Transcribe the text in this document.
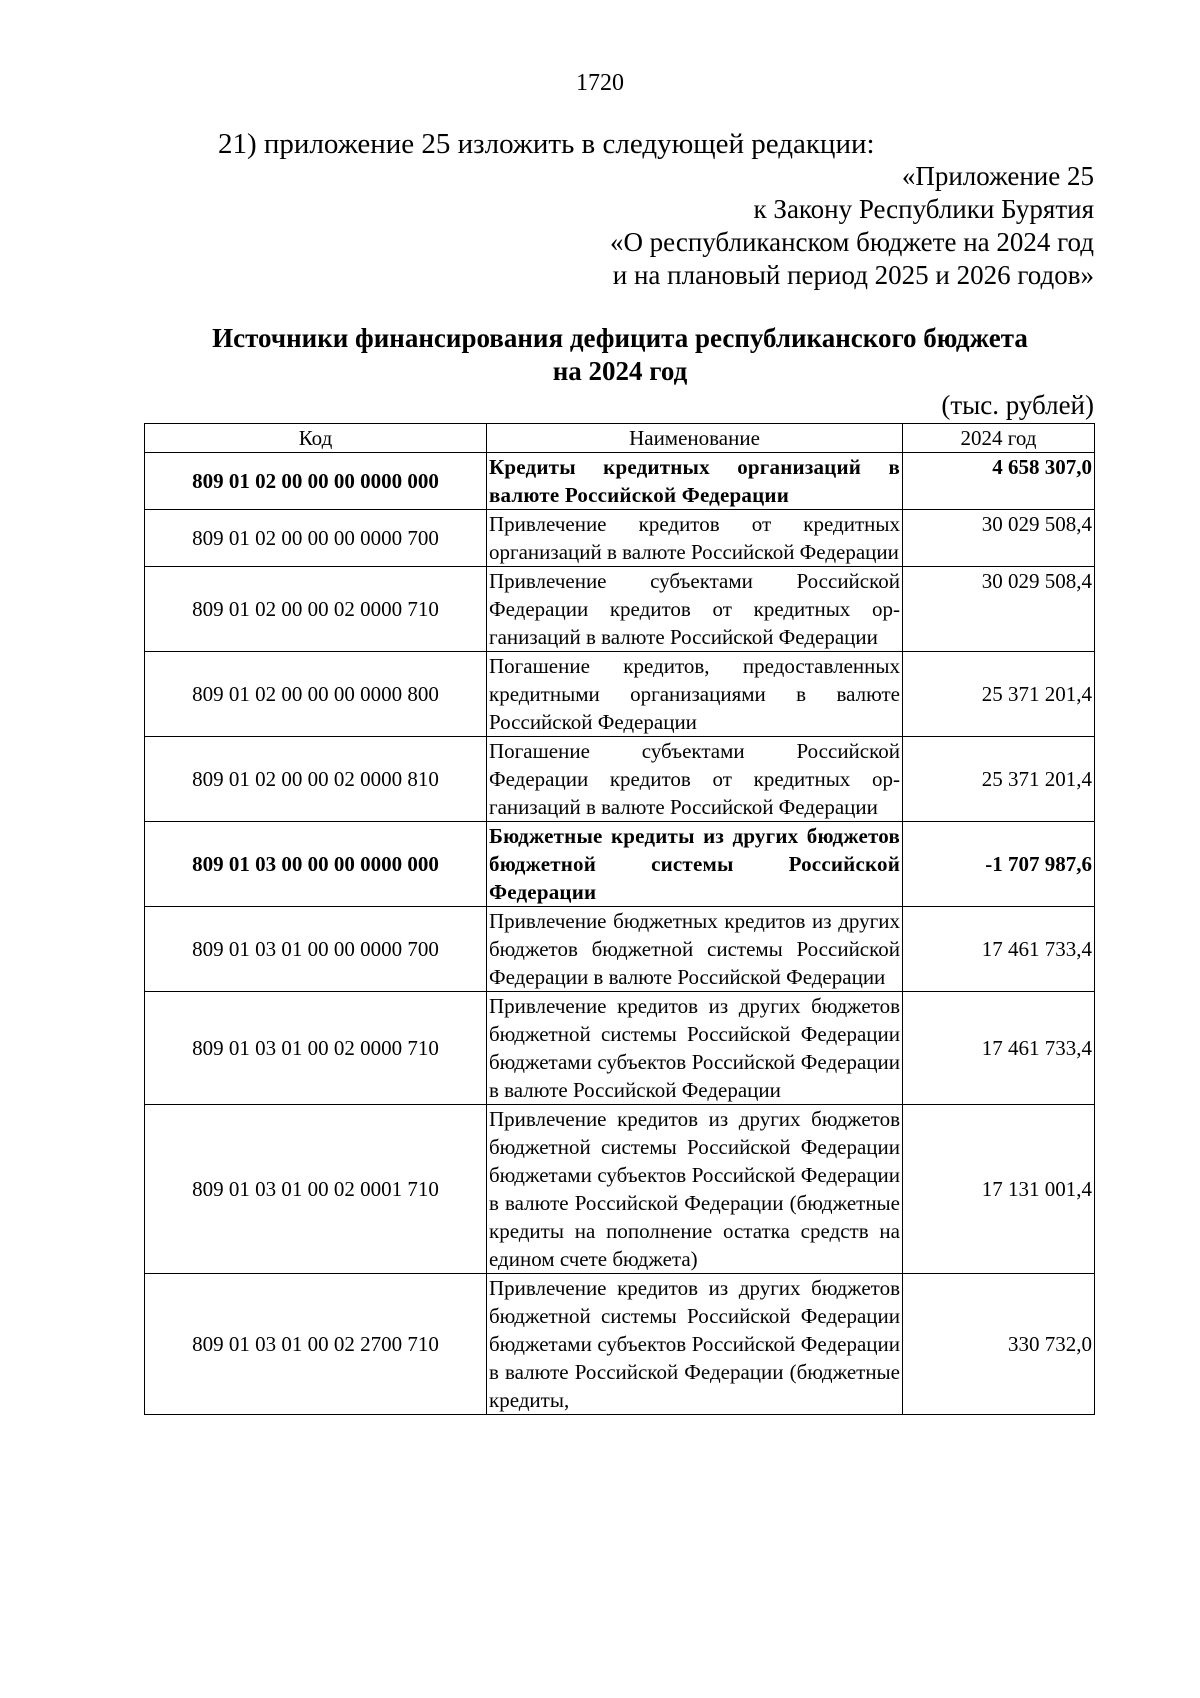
1720
21) приложение 25 изложить в следующей редакции:
«Приложение 25
к Закону Республики Бурятия
«О республиканском бюджете на 2024 год
и на плановый период 2025 и 2026 годов»
Источники финансирования дефицита республиканского бюджета
на 2024 год
(тыс. рублей)
Код	Наименование	2024 год
809 01 02 00 00 00 0000 000	Кредиты кредитных организаций в валюте Российской Федерации	4 658 307,0
809 01 02 00 00 00 0000 700	Привлечение кредитов от кредитных организаций в валюте Российской Федерации	30 029 508,4
809 01 02 00 00 02 0000 710	Привлечение субъектами Российской Федерации кредитов от кредитных организаций в валюте Российской Федерации	30 029 508,4
809 01 02 00 00 00 0000 800	Погашение кредитов, предоставленных кредитными организациями в валюте Российской Федерации	25 371 201,4
809 01 02 00 00 02 0000 810	Погашение субъектами Российской Федерации кредитов от кредитных организаций в валюте Российской Федерации	25 371 201,4
809 01 03 00 00 00 0000 000	Бюджетные кредиты из других бюджетов бюджетной системы Российской Федерации	-1 707 987,6
809 01 03 01 00 00 0000 700	Привлечение бюджетных кредитов из других бюджетов бюджетной системы Российской Федерации в валюте Российской Федерации	17 461 733,4
809 01 03 01 00 02 0000 710	Привлечение кредитов из других бюджетов бюджетной системы Российской Федерации бюджетами субъектов Российской Федерации в валюте Российской Федерации	17 461 733,4
809 01 03 01 00 02 0001 710	Привлечение кредитов из других бюджетов бюджетной системы Российской Федерации бюджетами субъектов Российской Федерации в валюте Российской Федерации (бюджетные кредиты на пополнение остатка средств на едином счете бюджета)	17 131 001,4
809 01 03 01 00 02 2700 710	Привлечение кредитов из других бюджетов бюджетной системы Российской Федерации бюджетами субъектов Российской Федерации в валюте Российской Федерации (бюджетные кредиты,	330 732,0
